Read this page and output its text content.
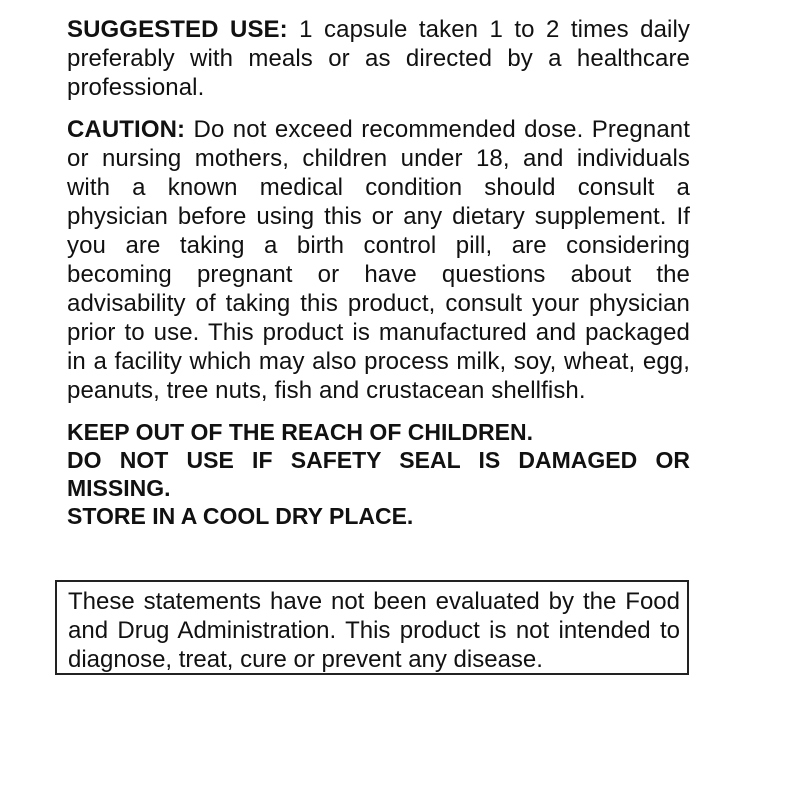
SUGGESTED USE: 1 capsule taken 1 to 2 times daily preferably with meals or as directed by a healthcare professional.

CAUTION: Do not exceed recommended dose. Pregnant or nursing mothers, children under 18, and individuals with a known medical condition should consult a physician before using this or any dietary supplement. If you are taking a birth control pill, are considering becoming pregnant or have questions about the advisability of taking this product, consult your physician prior to use. This product is manufactured and packaged in a facility which may also process milk, soy, wheat, egg, peanuts, tree nuts, fish and crustacean shellfish.

KEEP OUT OF THE REACH OF CHILDREN.
DO NOT USE IF SAFETY SEAL IS DAMAGED OR
MISSING.
STORE IN A COOL DRY PLACE.

These statements have not been evaluated by the Food and Drug Administration. This product is not intended to diagnose, treat, cure or prevent any disease.
